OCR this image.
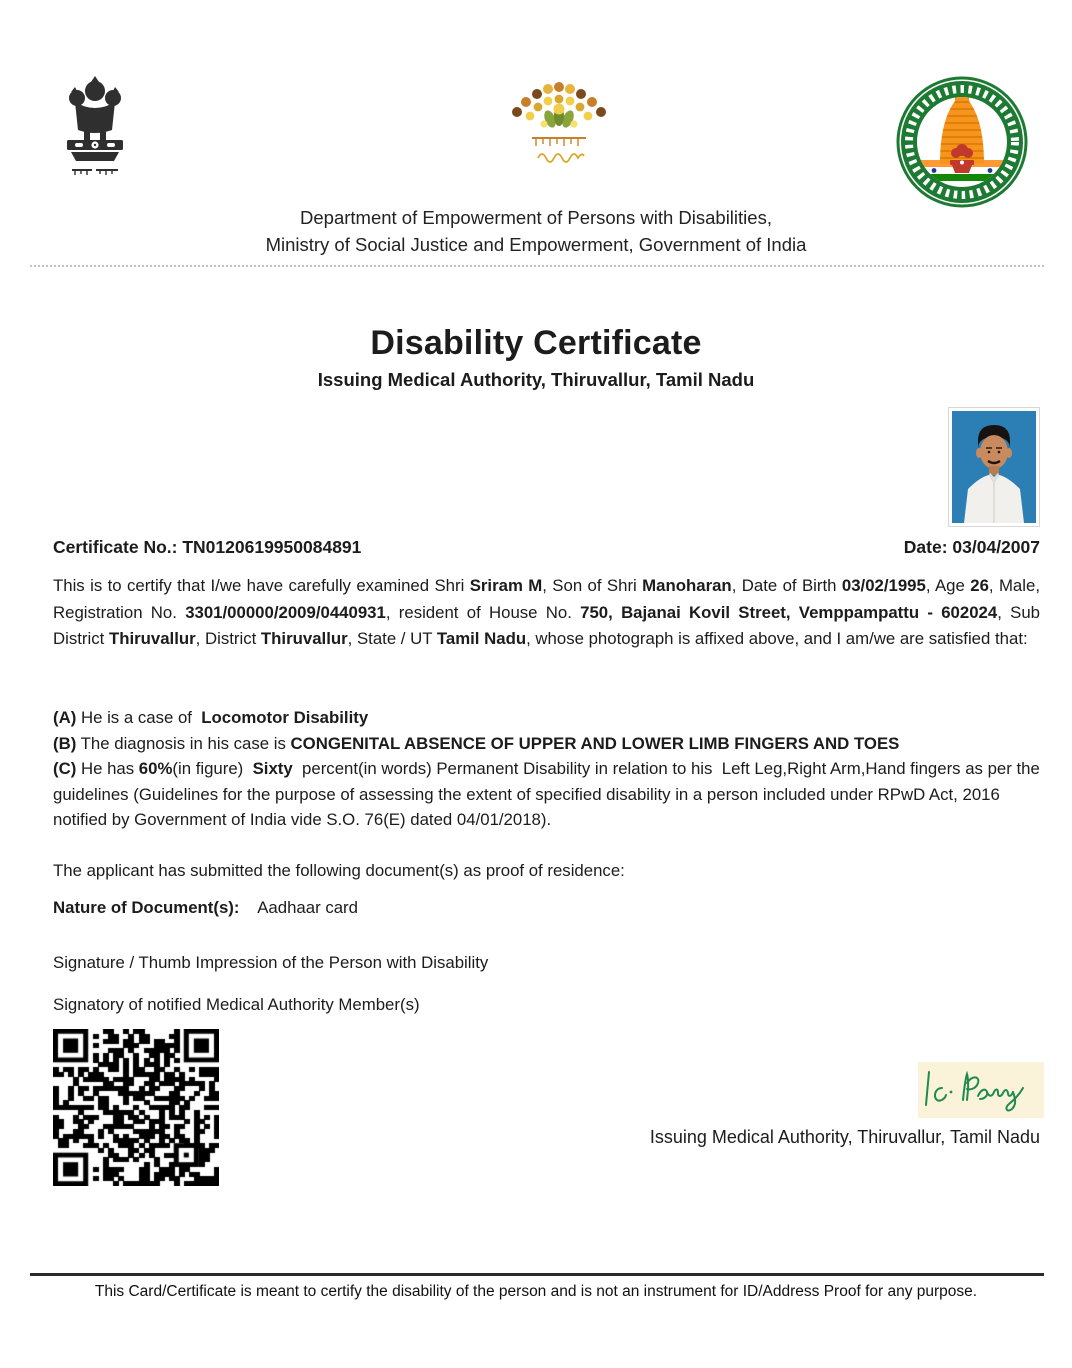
Department of Empowerment of Persons with Disabilities,
Ministry of Social Justice and Empowerment, Government of India
Disability Certificate
Issuing Medical Authority, Thiruvallur, Tamil Nadu
Certificate No.: TN0120619950084891	Date: 03/04/2007
This is to certify that I/we have carefully examined Shri Sriram M, Son of Shri Manoharan, Date of Birth 03/02/1995, Age 26, Male, Registration No. 3301/00000/2009/0440931, resident of House No. 750, Bajanai Kovil Street, Vemppampattu - 602024, Sub District Thiruvallur, District Thiruvallur, State / UT Tamil Nadu, whose photograph is affixed above, and I am/we are satisfied that:

(A) He is a case of  Locomotor Disability

(B) The diagnosis in his case is CONGENITAL ABSENCE OF UPPER AND LOWER LIMB FINGERS AND TOES

(C) He has 60%(in figure)  Sixty  percent(in words) Permanent Disability in relation to his  Left Leg,Right Arm,Hand fingers as per the guidelines (Guidelines for the purpose of assessing the extent of specified disability in a person included under RPwD Act, 2016 notified by Government of India vide S.O. 76(E) dated 04/01/2018).

The applicant has submitted the following document(s) as proof of residence:
Nature of Document(s): Aadhaar card
Signature / Thumb Impression of the Person with Disability
Signatory of notified Medical Authority Member(s)
Issuing Medical Authority, Thiruvallur, Tamil Nadu
This Card/Certificate is meant to certify the disability of the person and is not an instrument for ID/Address Proof for any purpose.
